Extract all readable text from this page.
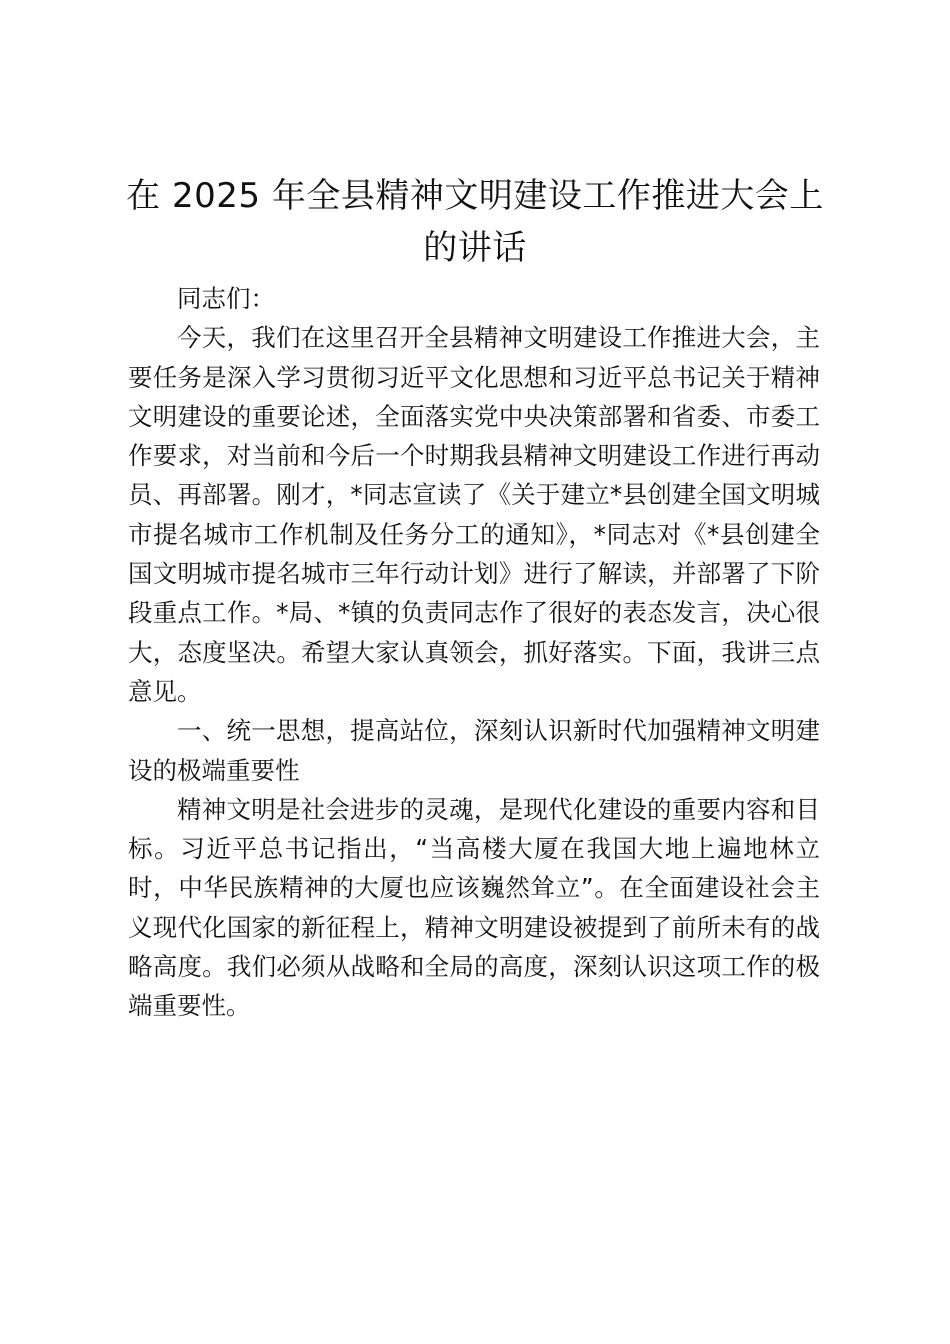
在 2025 年全县精神文明建设工作推进大会上的讲话

同志们：

今天，我们在这里召开全县精神文明建设工作推进大会，主要任务是深入学习贯彻习近平文化思想和习近平总书记关于精神文明建设的重要论述，全面落实党中央决策部署和省委、市委工作要求，对当前和今后一个时期我县精神文明建设工作进行再动员、再部署。刚才，*同志宣读了《关于建立*县创建全国文明城市提名城市工作机制及任务分工的通知》，*同志对《*县创建全国文明城市提名城市三年行动计划》进行了解读，并部署了下阶段重点工作。*局、*镇的负责同志作了很好的表态发言，决心很大，态度坚决。希望大家认真领会，抓好落实。下面，我讲三点意见。

一、统一思想，提高站位，深刻认识新时代加强精神文明建设的极端重要性

精神文明是社会进步的灵魂，是现代化建设的重要内容和目标。习近平总书记指出，“当高楼大厦在我国大地上遍地林立时，中华民族精神的大厦也应该巍然耸立”。在全面建设社会主义现代化国家的新征程上，精神文明建设被提到了前所未有的战略高度。我们必须从战略和全局的高度，深刻认识这项工作的极端重要性。
